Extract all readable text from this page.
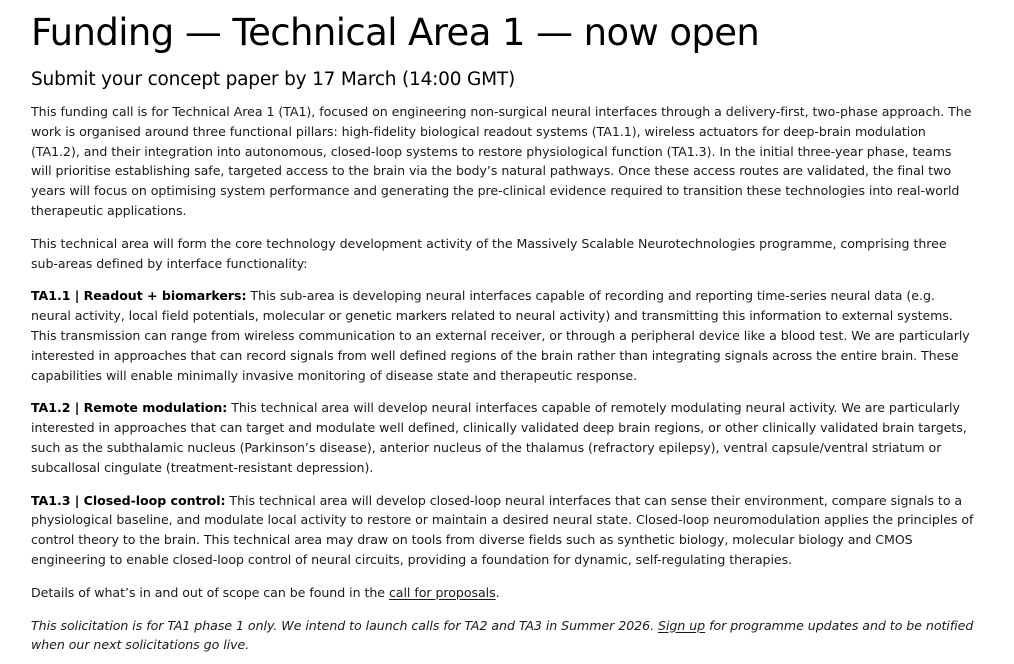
Funding — Technical Area 1 — now open
Submit your concept paper by 17 March (14:00 GMT)

This funding call is for Technical Area 1 (TA1), focused on engineering non-surgical neural interfaces through a delivery-first, two-phase approach. The work is organised around three functional pillars: high-fidelity biological readout systems (TA1.1), wireless actuators for deep-brain modulation (TA1.2), and their integration into autonomous, closed-loop systems to restore physiological function (TA1.3). In the initial three-year phase, teams will prioritise establishing safe, targeted access to the brain via the body’s natural pathways. Once these access routes are validated, the final two years will focus on optimising system performance and generating the pre-clinical evidence required to transition these technologies into real-world therapeutic applications.

This technical area will form the core technology development activity of the Massively Scalable Neurotechnologies programme, comprising three sub-areas defined by interface functionality:

TA1.1 | Readout + biomarkers: This sub-area is developing neural interfaces capable of recording and reporting time-series neural data (e.g. neural activity, local field potentials, molecular or genetic markers related to neural activity) and transmitting this information to external systems. This transmission can range from wireless communication to an external receiver, or through a peripheral device like a blood test. We are particularly interested in approaches that can record signals from well defined regions of the brain rather than integrating signals across the entire brain. These capabilities will enable minimally invasive monitoring of disease state and therapeutic response.

TA1.2 | Remote modulation: This technical area will develop neural interfaces capable of remotely modulating neural activity. We are particularly interested in approaches that can target and modulate well defined, clinically validated deep brain regions, or other clinically validated brain targets, such as the subthalamic nucleus (Parkinson’s disease), anterior nucleus of the thalamus (refractory epilepsy), ventral capsule/ventral striatum or subcallosal cingulate (treatment-resistant depression).

TA1.3 | Closed-loop control: This technical area will develop closed-loop neural interfaces that can sense their environment, compare signals to a physiological baseline, and modulate local activity to restore or maintain a desired neural state. Closed-loop neuromodulation applies the principles of control theory to the brain. This technical area may draw on tools from diverse fields such as synthetic biology, molecular biology and CMOS engineering to enable closed-loop control of neural circuits, providing a foundation for dynamic, self-regulating therapies.

Details of what’s in and out of scope can be found in the call for proposals.

This solicitation is for TA1 phase 1 only. We intend to launch calls for TA2 and TA3 in Summer 2026. Sign up for programme updates and to be notified when our next solicitations go live.
